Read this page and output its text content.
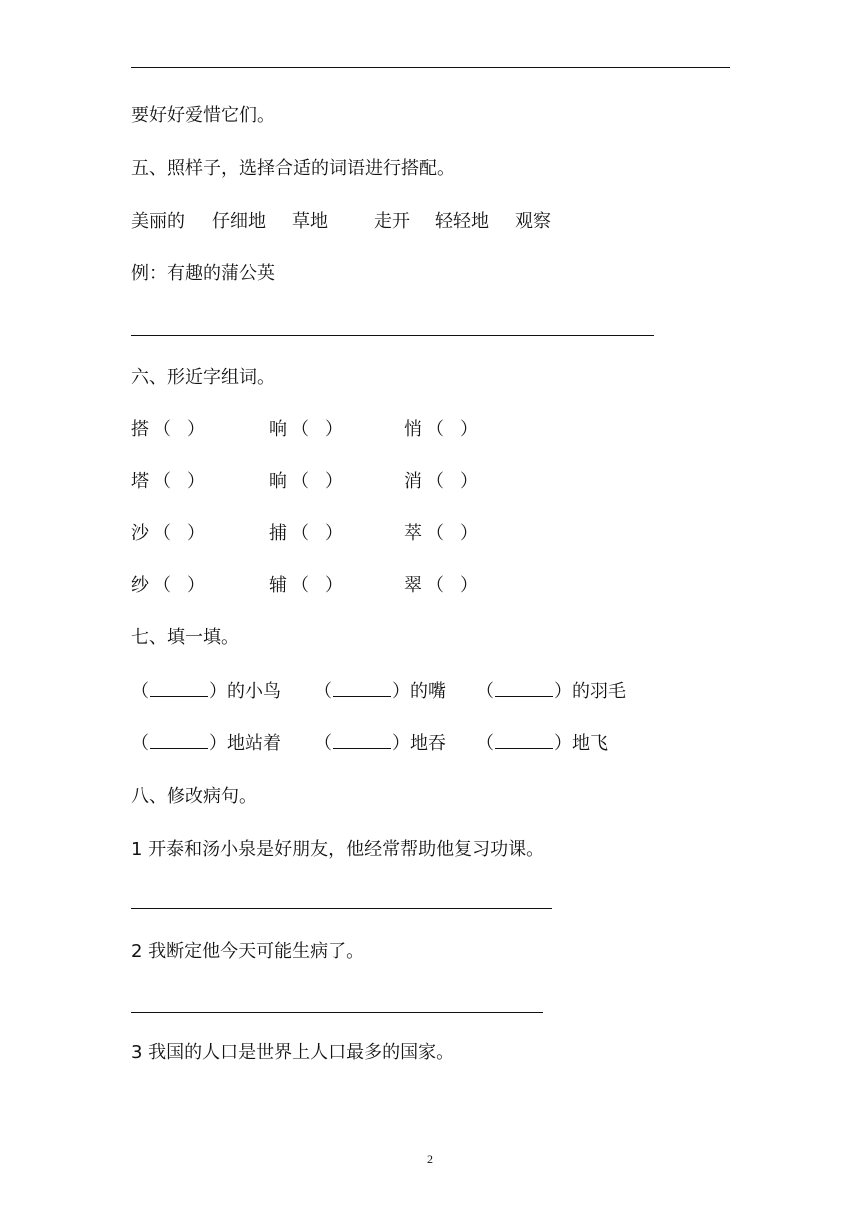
要好好爱惜它们。
五、照样子，选择合适的词语进行搭配。
美丽的 仔细地 草地	走开 轻轻地 观察
例：有趣的蒲公英
六、形近字组词。
搭 （ ）	响 （ ）	悄 （ ）
塔 （ ）	晌 （ ）	消 （ ）
沙 （ ）	捕 （ ）	萃 （ ）
纱 （ ）	辅 （ ）	翠 （ ）
七、填一填。
（	）的小鸟 （	）的嘴 （	）的羽毛
（	）地站着 （	）地吞 （	）地飞
八、修改病句。
1 开泰和汤小泉是好朋友，他经常帮助他复习功课。
2 我断定他今天可能生病了。
3 我国的人口是世界上人口最多的国家。
2
